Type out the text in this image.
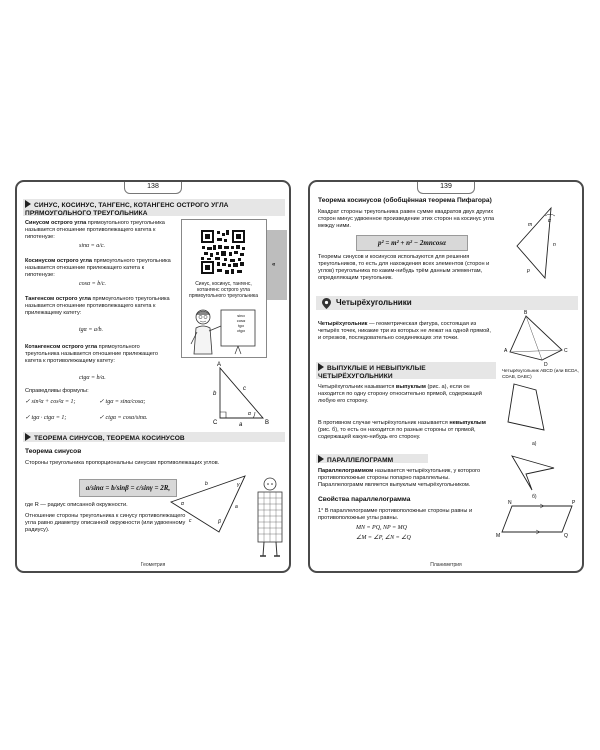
138
СИНУС, КОСИНУС, ТАНГЕНС, КОТАНГЕНС ОСТРОГО УГЛА ПРЯМОУГОЛЬНОГО ТРЕУГОЛЬНИКА
Синусом острого угла прямоугольного треугольника называется отношение противолежащего катета к гипотенузе:
sinα = a/c.
Косинусом острого угла прямоугольного треугольника называется отношение прилежащего катета к гипотенузе:
cosα = b/c.
Тангенсом острого угла прямоугольного треугольника называется отношение противолежащего катета к прилежащему катету:
tgα = a/b.
Котангенсом острого угла прямоугольного треугольника называется отношение прилежащего катета к противолежащему катету:
ctgα = b/a.
Справедливы формулы:
✓ sin²α + cos²α = 1;	✓ tgα = sinα/cosα;
✓ tgα · ctgα = 1;	✓ ctgα = cosα/sinα.
«
Синус, косинус, тангенс, котангенс острого угла прямоугольного треугольника
sinα
cosα
tgα
ctgα
A
C	B
b
a
c
α
ТЕОРЕМА СИНУСОВ, ТЕОРЕМА КОСИНУСОВ
Теорема синусов
Стороны треугольника пропорциональны синусам противолежащих углов.
a/sinα = b/sinβ = c/sinγ = 2R,
где R — радиус описанной окружности.
Отношение стороны треугольника к синусу противолежащего угла равно диаметру описанной окружности (или удвоенному радиусу).
α
γ
β
b
a
c
Геометрия
139
Теорема косинусов (обобщённая теорема Пифагора)
Квадрат стороны треугольника равен сумме квадратов двух других сторон минус удвоенное произведение этих сторон на косинус угла между ними.
p² = m² + n² − 2mncosα
Теоремы синусов и косинусов используются для решения треугольников, то есть для нахождения всех элементов (сторон и углов) треугольника по каким-нибудь трём данным элементам, определяющим треугольник.
α
m
n
p
Четырёхугольники
Четырёхугольник — геометрическая фигура, состоящая из четырёх точек, никакие три из которых не лежат на одной прямой, и отрезков, последовательно соединяющих эти точки.
B
A	C
D
Четырёхугольник ABCD (или BCDA, CDAB, DABC)
ВЫПУКЛЫЕ И НЕВЫПУКЛЫЕ ЧЕТЫРЁХУГОЛЬНИКИ
Четырёхугольник называется выпуклым (рис. а), если он находится по одну сторону относительно прямой, содержащей любую его сторону.
В противном случае четырёхугольник называется невыпуклым (рис. б), то есть он находится по разные стороны от прямой, содержащей какую-нибудь его сторону.
а)
б)
ПАРАЛЛЕЛОГРАММ
Параллелограммом называется четырёхугольник, у которого противоположные стороны попарно параллельны. Параллелограмм является выпуклым четырёхугольником.
Свойства параллелограмма
1° В параллелограмме противоположные стороны равны и противоположные углы равны.
MN = PQ, NP = MQ
∠M = ∠P, ∠N = ∠Q
N	P
M	Q
Планиметрия
